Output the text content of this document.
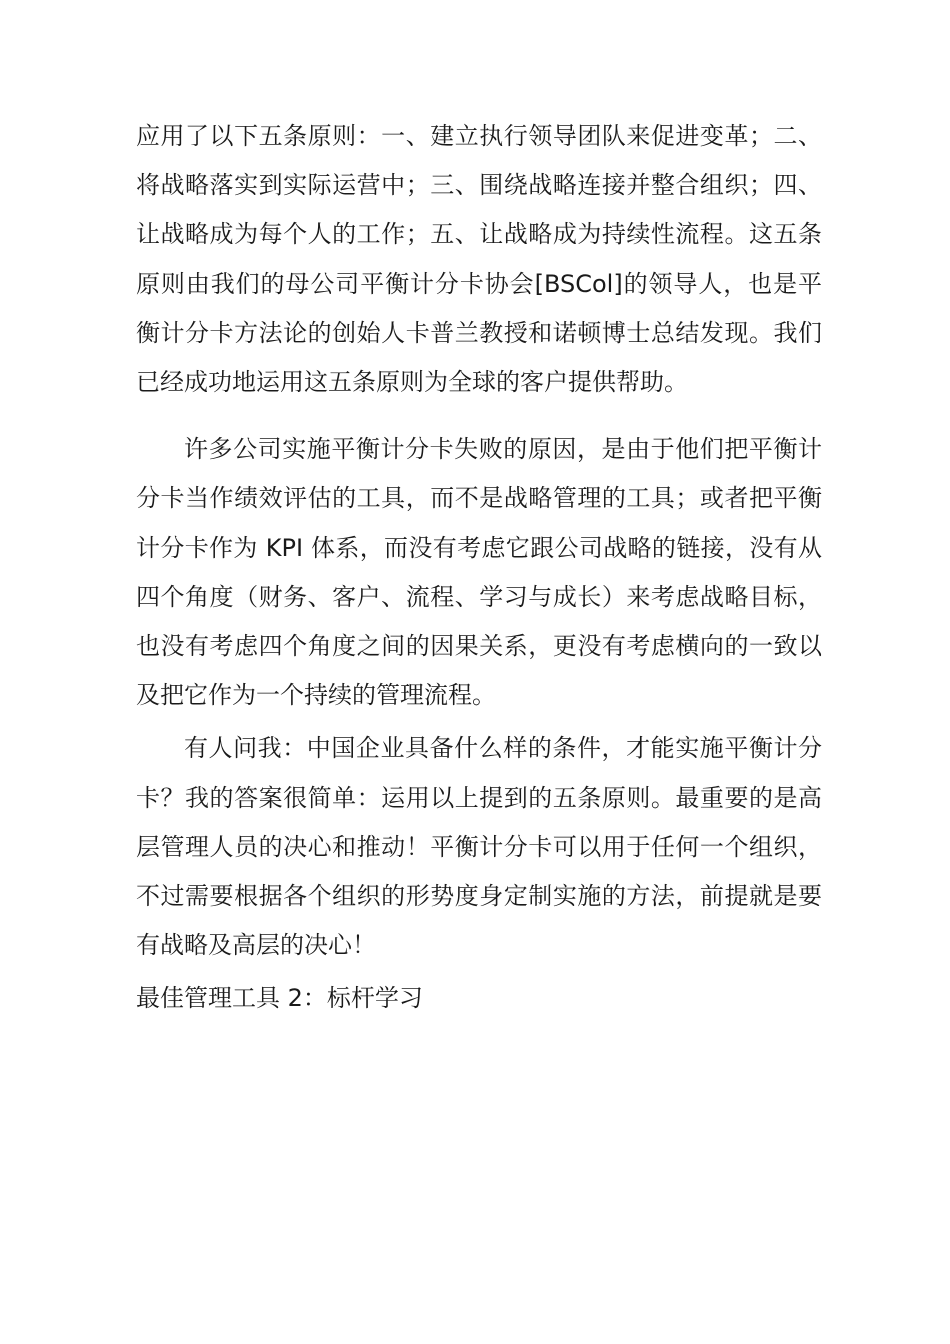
应用了以下五条原则：一、建立执行领导团队来促进变革；二、将战略落实到实际运营中；三、围绕战略连接并整合组织；四、让战略成为每个人的工作；五、让战略成为持续性流程。这五条原则由我们的母公司平衡计分卡协会[BSCol]的领导人，也是平衡计分卡方法论的创始人卡普兰教授和诺顿博士总结发现。我们已经成功地运用这五条原则为全球的客户提供帮助。

许多公司实施平衡计分卡失败的原因，是由于他们把平衡计分卡当作绩效评估的工具，而不是战略管理的工具；或者把平衡计分卡作为 KPI 体系，而没有考虑它跟公司战略的链接，没有从四个角度（财务、客户、流程、学习与成长）来考虑战略目标，也没有考虑四个角度之间的因果关系，更没有考虑横向的一致以及把它作为一个持续的管理流程。

有人问我：中国企业具备什么样的条件，才能实施平衡计分卡？我的答案很简单：运用以上提到的五条原则。最重要的是高层管理人员的决心和推动！平衡计分卡可以用于任何一个组织，不过需要根据各个组织的形势度身定制实施的方法，前提就是要有战略及高层的决心！

最佳管理工具 2：标杆学习
